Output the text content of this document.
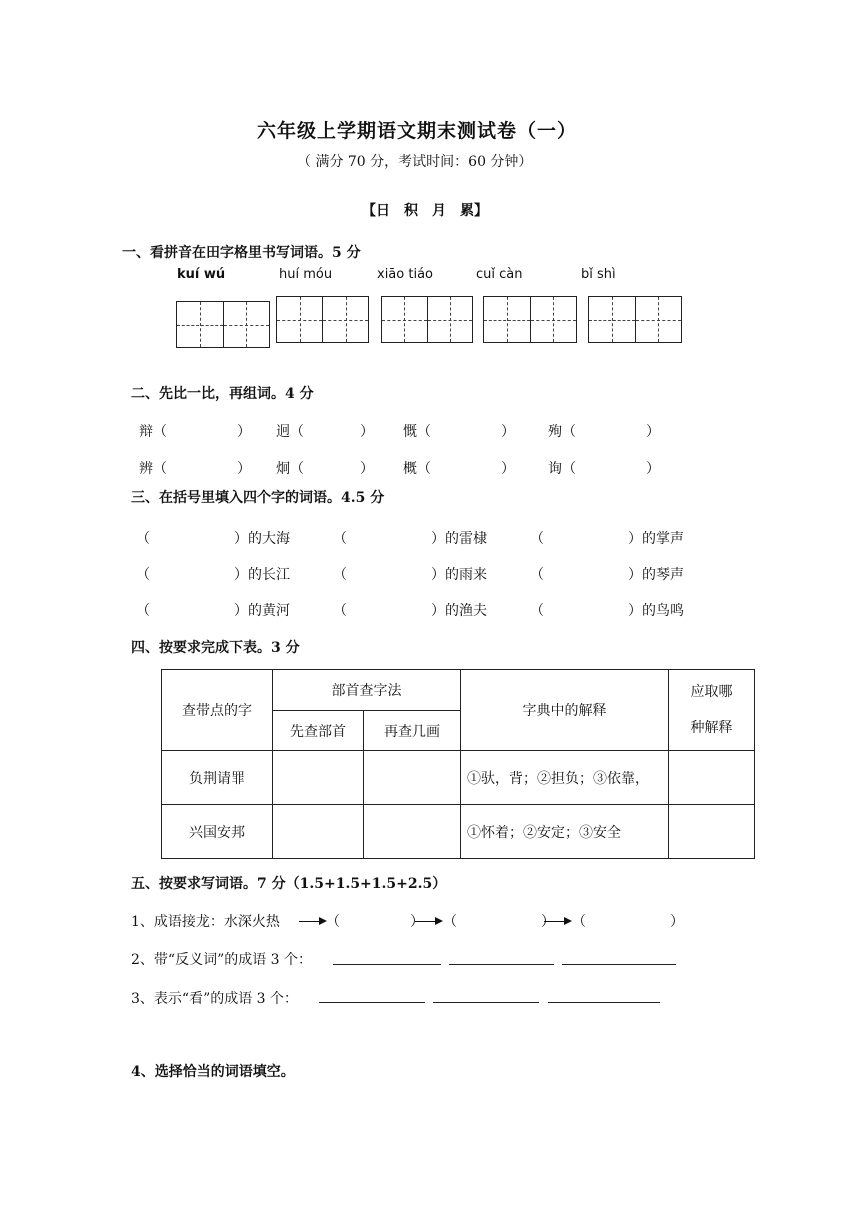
六年级上学期语文期末测试卷（一）
（ 满分 70 分，考试时间：60 分钟）
【日　积　月　累】
一、看拼音在田字格里书写词语。5 分
kuí wú	huí móu	xiāo tiáo	cuǐ càn	bǐ shì
二、先比一比，再组词。4 分
辩（　　　　　） 迥（　　　　） 慨（　　　　　） 殉（　　　　　）
辨（　　　　　） 炯（　　　　） 概（　　　　　） 询（　　　　　）
三、在括号里填入四个字的词语。4.5 分
（　　　　　　）的大海	（　　　　　　）的雷棣	（　　　　　　）的掌声
（　　　　　　）的长江	（　　　　　　）的雨来	（　　　　　　）的琴声
（　　　　　　）的黄河	（　　　　　　）的渔夫	（　　　　　　）的鸟鸣
四、按要求完成下表。3 分
查带点的字	部首查字法		字典中的解释	应取哪
种解释

	先查部首	再查几画		
负荆请罪			①驮，背；②担负；③依靠，	
兴国安邦			①怀着；②安定；③安全	
五、按要求写词语。7 分（1.5+1.5+1.5+2.5）
1、成语接龙：水深火热	（　　　　　） （　　　　　　） （　　　　　　）
2、带“反义词”的成语 3 个：
3、表示“看”的成语 3 个：
4、选择恰当的词语填空。
